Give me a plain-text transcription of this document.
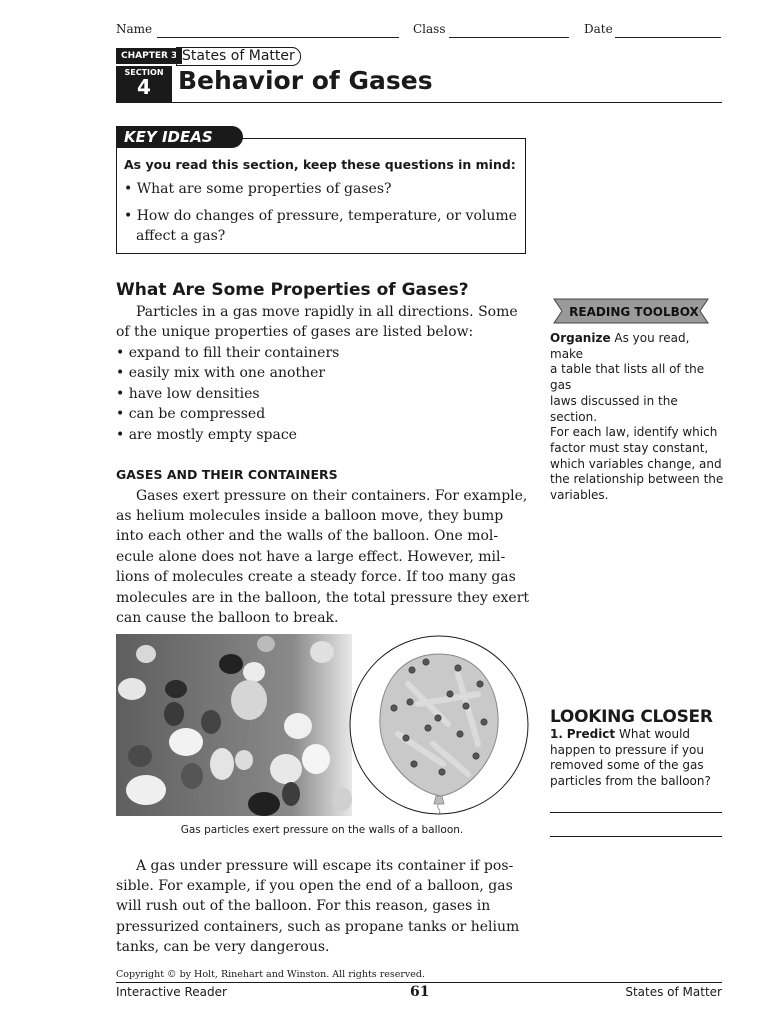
Name	Class	Date
CHAPTER 3 States of Matter
SECTION
4	Behavior of Gases
KEY IDEAS
As you read this section, keep these questions in mind:
• What are some properties of gases?
• How do changes of pressure, temperature, or volume
affect a gas?
What Are Some Properties of Gases?
Particles in a gas move rapidly in all directions. Some
of the unique properties of gases are listed below:
• expand to fill their containers
• easily mix with one another
• have low densities
• can be compressed
• are mostly empty space
GASES AND THEIR CONTAINERS
Gases exert pressure on their containers. For example,
as helium molecules inside a balloon move, they bump
into each other and the walls of the balloon. One mol-
ecule alone does not have a large effect. However, mil-
lions of molecules create a steady force. If too many gas
molecules are in the balloon, the total pressure they exert
can cause the balloon to break.
Gas particles exert pressure on the walls of a balloon.
A gas under pressure will escape its container if pos-
sible. For example, if you open the end of a balloon, gas
will rush out of the balloon. For this reason, gases in
pressurized containers, such as propane tanks or helium
tanks, can be very dangerous.
READING TOOLBOX
Organize As you read, make
a table that lists all of the gas
laws discussed in the section.
For each law, identify which
factor must stay constant,
which variables change, and
the relationship between the
variables.
LOOKING CLOSER
1. Predict What would
happen to pressure if you
removed some of the gas
particles from the balloon?
Copyright © by Holt, Rinehart and Winston. All rights reserved.
Interactive Reader	61	States of Matter
